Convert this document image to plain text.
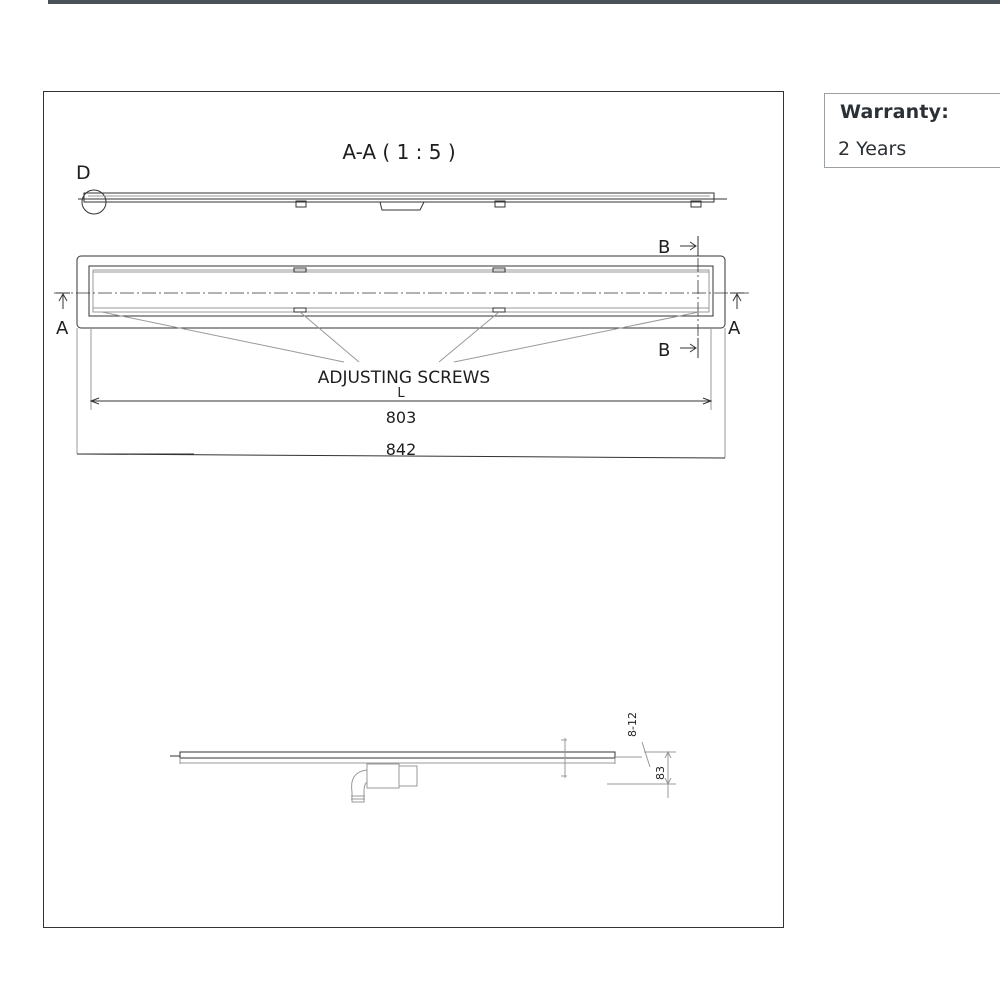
A-A ( 1 : 5 )
D
A	A
B
B
ADJUSTING SCREWS
L
803
842
8-12
83
Warranty:
2 Years
